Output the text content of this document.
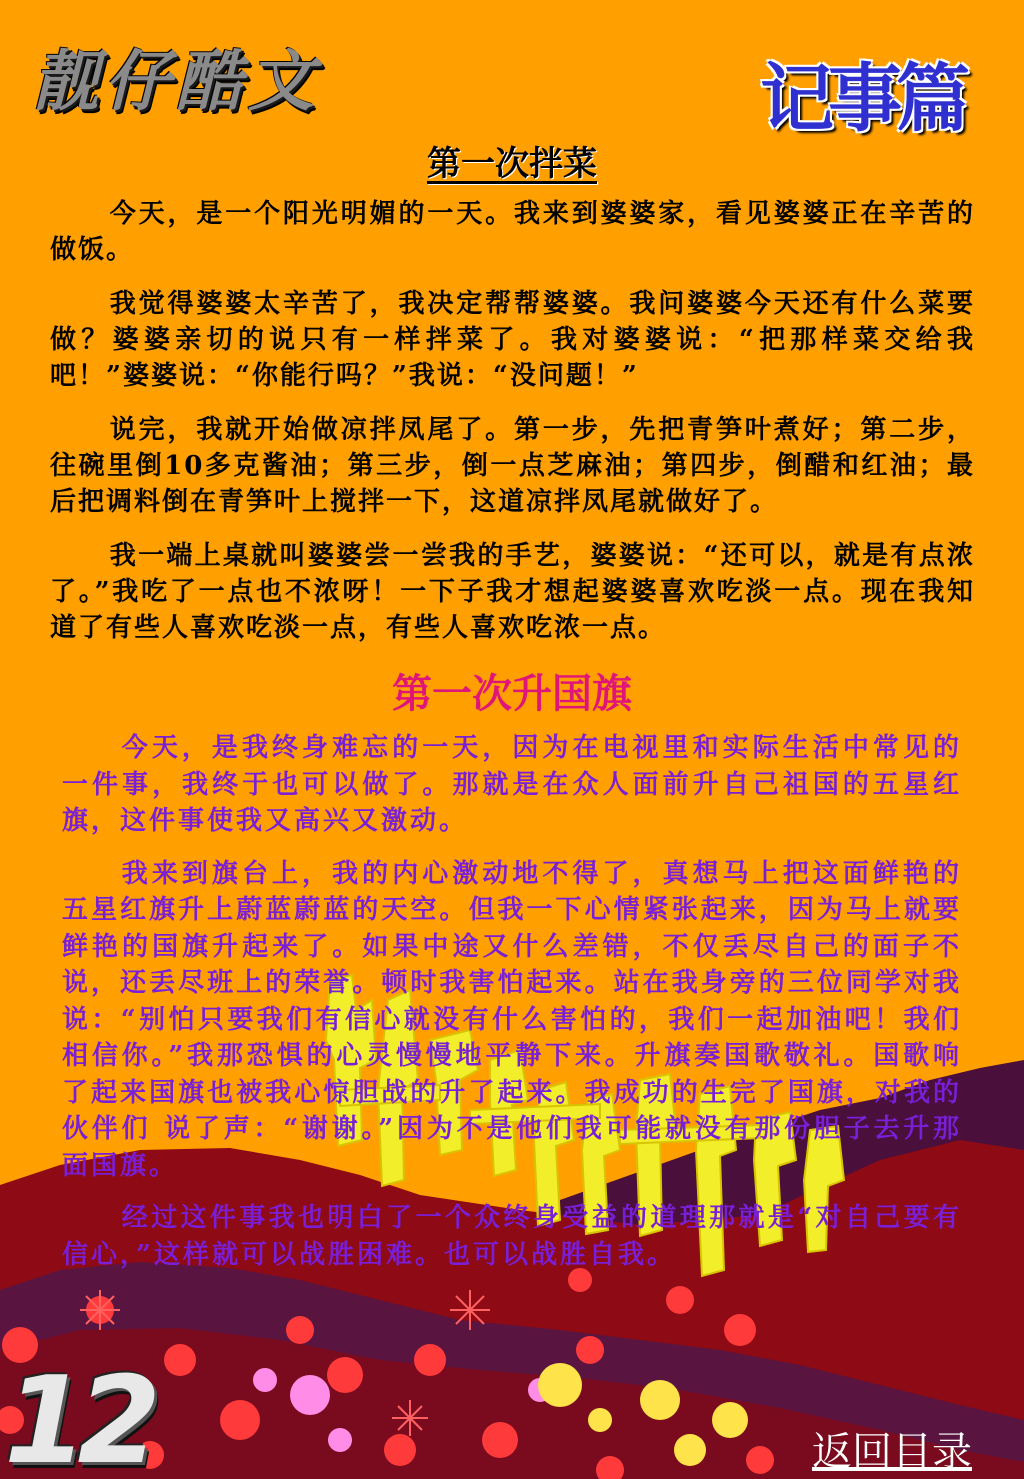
靓仔酷文	记事篇
第一次拌菜

今天，是一个阳光明媚的一天。我来到婆婆家，看见婆婆正在辛苦的做饭。

我觉得婆婆太辛苦了，我决定帮帮婆婆。我问婆婆今天还有什么菜要做？婆婆亲切的说只有一样拌菜了。我对婆婆说：“把那样菜交给我吧！”婆婆说：“你能行吗？”我说：“没问题！”

说完，我就开始做凉拌凤尾了。第一步，先把青笋叶煮好；第二步，往碗里倒10多克酱油；第三步，倒一点芝麻油；第四步，倒醋和红油；最后把调料倒在青笋叶上搅拌一下，这道凉拌凤尾就做好了。

我一端上桌就叫婆婆尝一尝我的手艺，婆婆说：“还可以，就是有点浓了。”我吃了一点也不浓呀！一下子我才想起婆婆喜欢吃淡一点。现在我知道了有些人喜欢吃淡一点，有些人喜欢吃浓一点。

第一次升国旗

今天，是我终身难忘的一天，因为在电视里和实际生活中常见的一件事，我终于也可以做了。那就是在众人面前升自己祖国的五星红旗，这件事使我又高兴又激动。

我来到旗台上，我的内心激动地不得了，真想马上把这面鲜艳的五星红旗升上蔚蓝蔚蓝的天空。但我一下心情紧张起来，因为马上就要鲜艳的国旗升起来了。如果中途又什么差错，不仅丢尽自己的面子不说，还丢尽班上的荣誉。顿时我害怕起来。站在我身旁的三位同学对我说：“别怕只要我们有信心就没有什么害怕的，我们一起加油吧！我们相信你。”我那恐惧的心灵慢慢地平静下来。升旗奏国歌敬礼。国歌响了起来国旗也被我心惊胆战的升了起来。我成功的生完了国旗，对我的伙伴们 说了声：“谢谢。”因为不是他们我可能就没有那份胆子去升那面国旗。

经过这件事我也明白了一个众终身受益的道理那就是“对自己要有信心，”这样就可以战胜困难。也可以战胜自我。

12	返回目录
